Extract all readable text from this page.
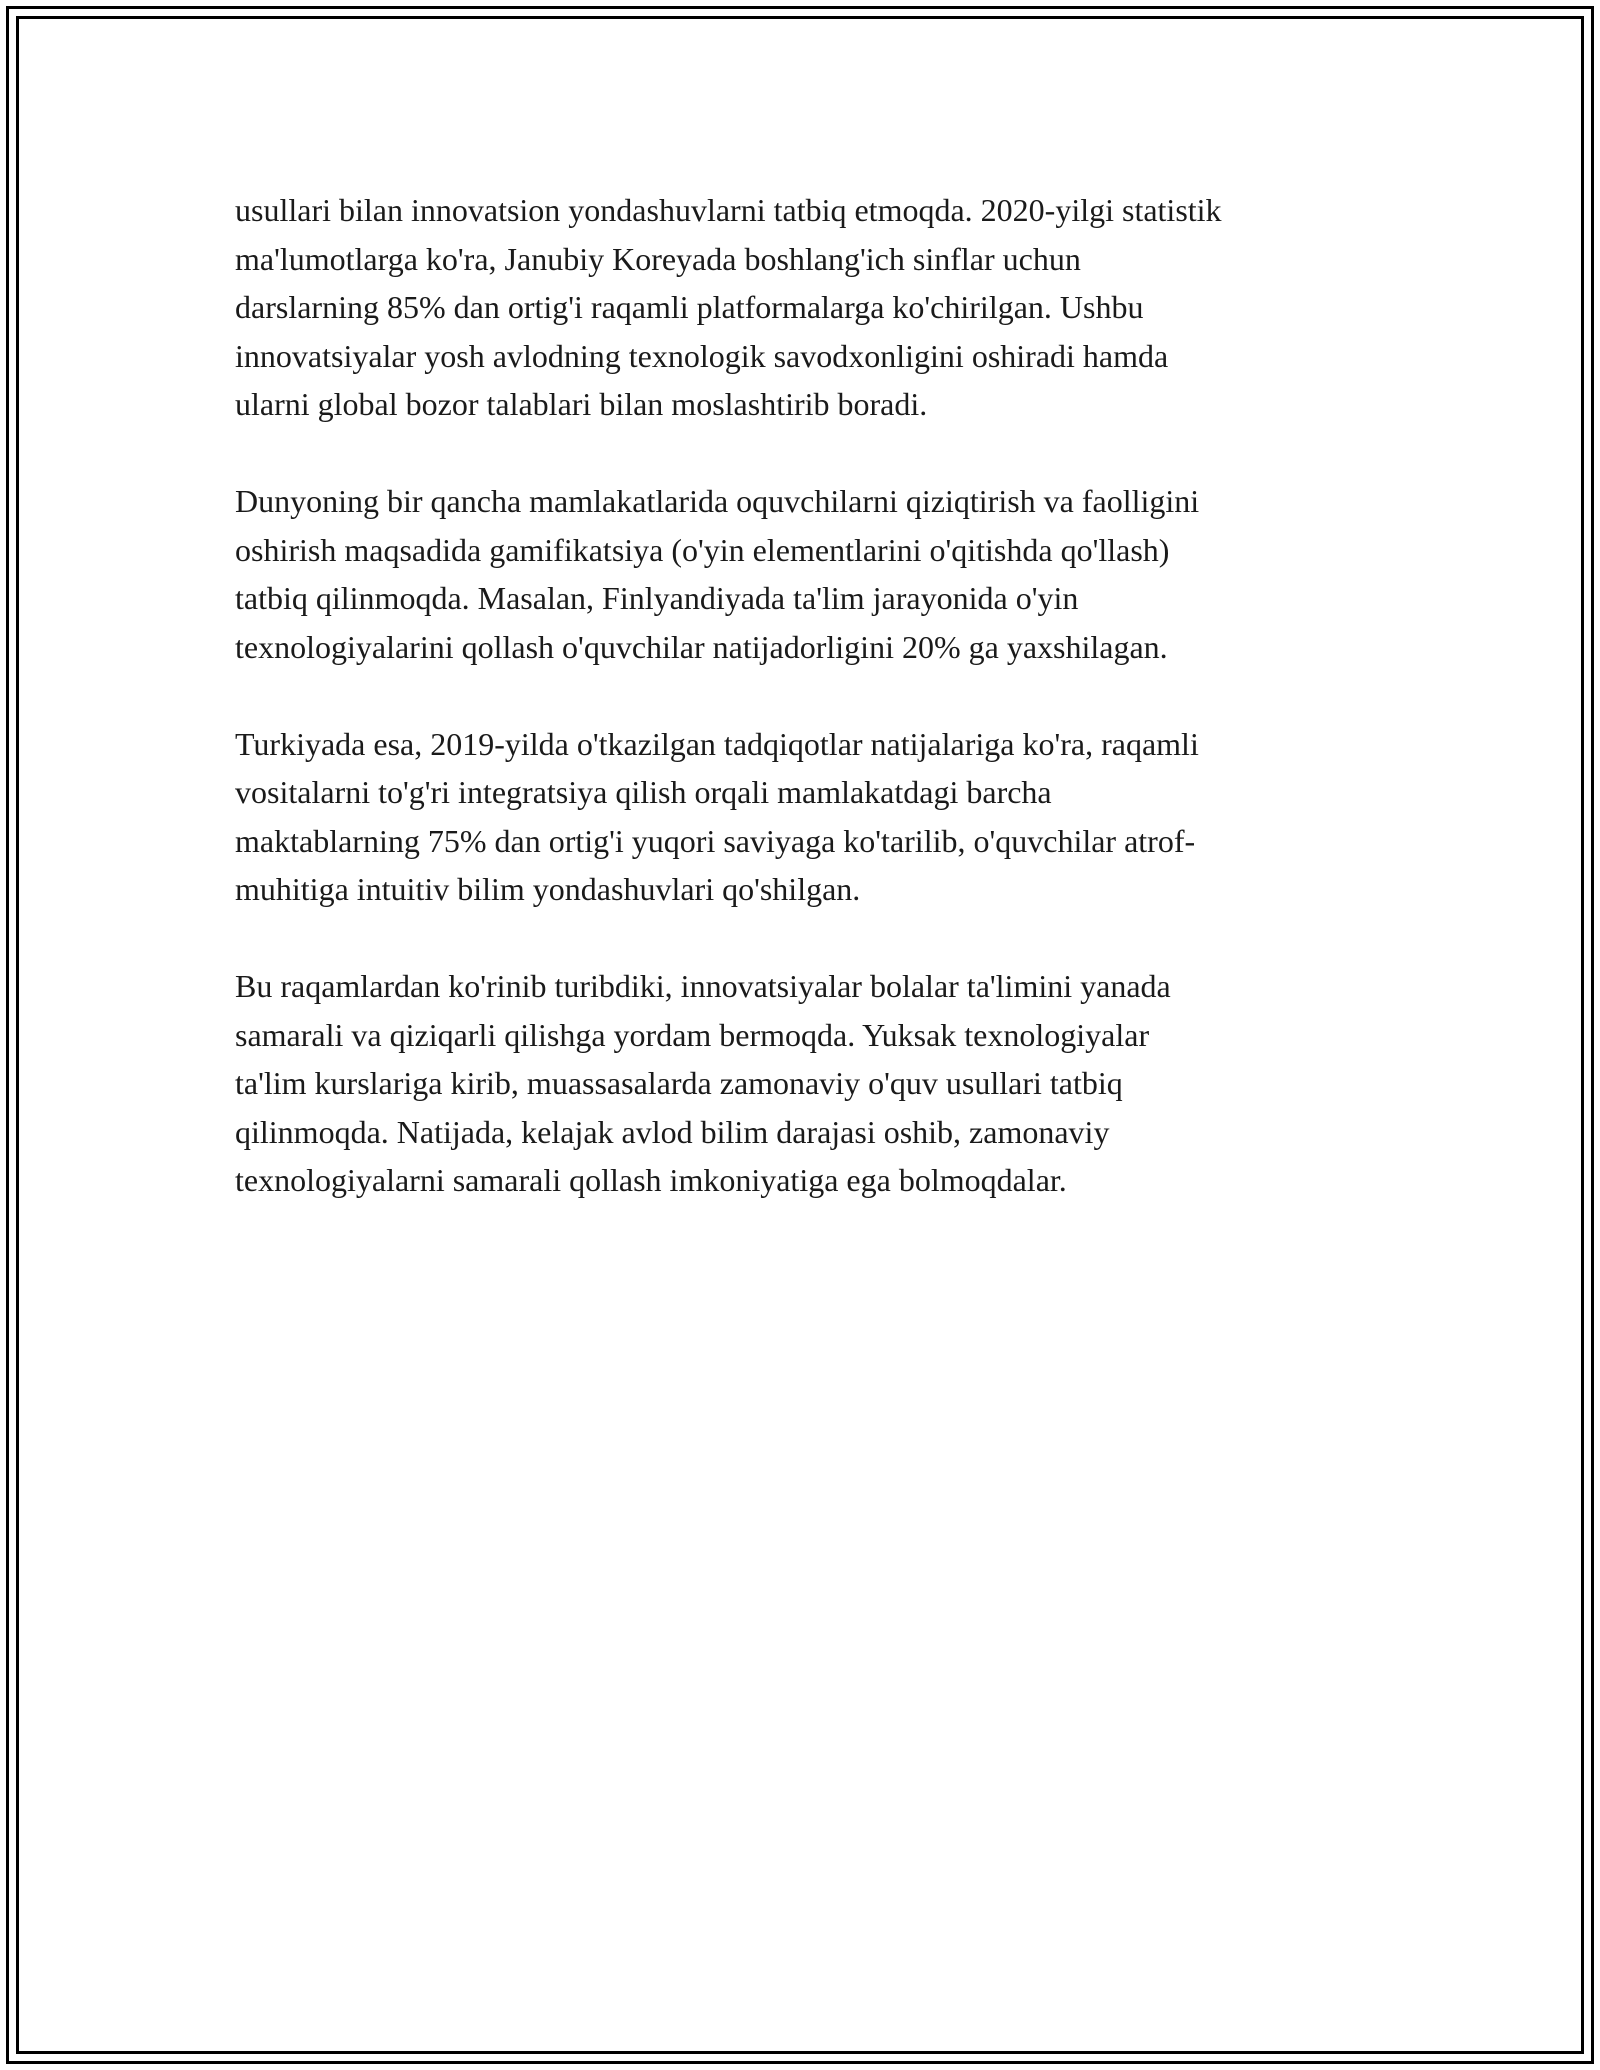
usullari bilan innovatsion yondashuvlarni tatbiq etmoqda. 2020-yilgi statistik
ma'lumotlarga ko'ra, Janubiy Koreyada boshlang'ich sinflar uchun
darslarning 85% dan ortig'i raqamli platformalarga ko'chirilgan. Ushbu
innovatsiyalar yosh avlodning texnologik savodxonligini oshiradi hamda
ularni global bozor talablari bilan moslashtirib boradi.

Dunyoning bir qancha mamlakatlarida oquvchilarni qiziqtirish va faolligini
oshirish maqsadida gamifikatsiya (o'yin elementlarini o'qitishda qo'llash)
tatbiq qilinmoqda. Masalan, Finlyandiyada ta'lim jarayonida o'yin
texnologiyalarini qollash o'quvchilar natijadorligini 20% ga yaxshilagan.

Turkiyada esa, 2019-yilda o'tkazilgan tadqiqotlar natijalariga ko'ra, raqamli
vositalarni to'g'ri integratsiya qilish orqali mamlakatdagi barcha
maktablarning 75% dan ortig'i yuqori saviyaga ko'tarilib, o'quvchilar atrof-
muhitiga intuitiv bilim yondashuvlari qo'shilgan.

Bu raqamlardan ko'rinib turibdiki, innovatsiyalar bolalar ta'limini yanada
samarali va qiziqarli qilishga yordam bermoqda. Yuksak texnologiyalar
ta'lim kurslariga kirib, muassasalarda zamonaviy o'quv usullari tatbiq
qilinmoqda. Natijada, kelajak avlod bilim darajasi oshib, zamonaviy
texnologiyalarni samarali qollash imkoniyatiga ega bolmoqdalar.
